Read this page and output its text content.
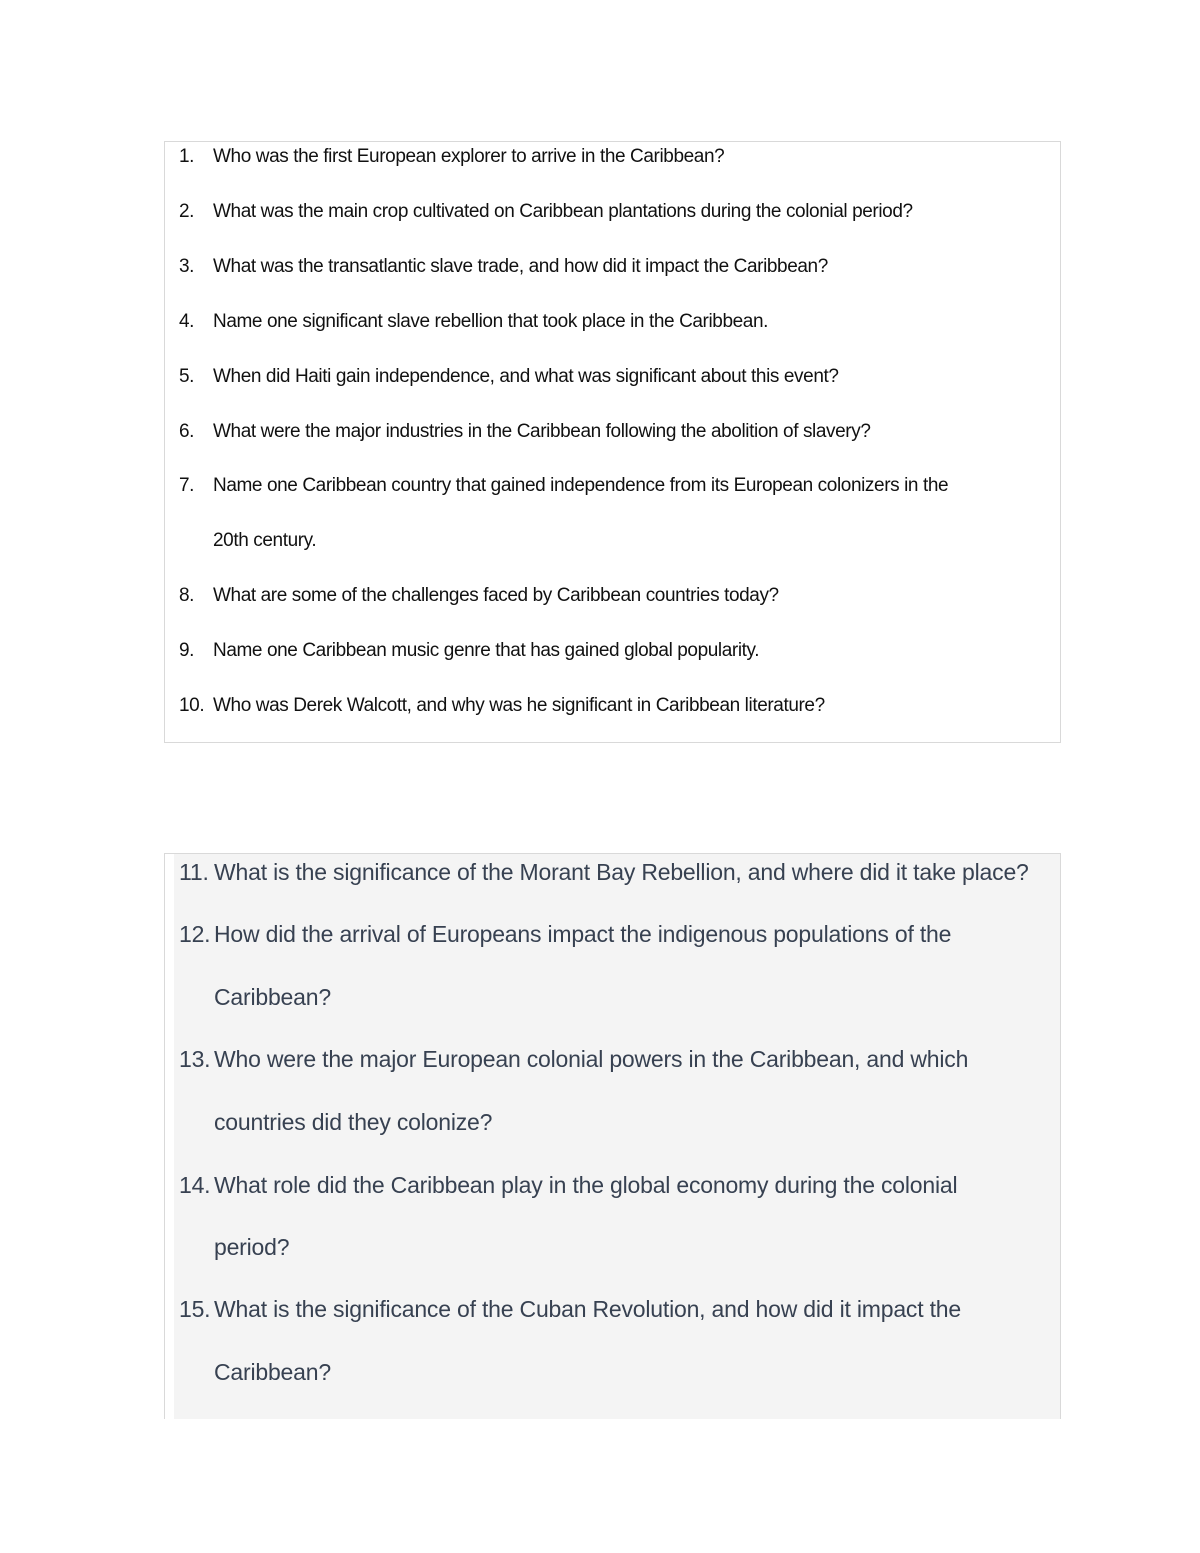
1. Who was the first European explorer to arrive in the Caribbean?
2. What was the main crop cultivated on Caribbean plantations during the colonial period?
3. What was the transatlantic slave trade, and how did it impact the Caribbean?
4. Name one significant slave rebellion that took place in the Caribbean.
5. When did Haiti gain independence, and what was significant about this event?
6. What were the major industries in the Caribbean following the abolition of slavery?
7. Name one Caribbean country that gained independence from its European colonizers in the
20th century.
8. What are some of the challenges faced by Caribbean countries today?
9. Name one Caribbean music genre that has gained global popularity.
10. Who was Derek Walcott, and why was he significant in Caribbean literature?
11. What is the significance of the Morant Bay Rebellion, and where did it take place?
12. How did the arrival of Europeans impact the indigenous populations of the
Caribbean?
13. Who were the major European colonial powers in the Caribbean, and which
countries did they colonize?
14. What role did the Caribbean play in the global economy during the colonial
period?
15. What is the significance of the Cuban Revolution, and how did it impact the
Caribbean?
